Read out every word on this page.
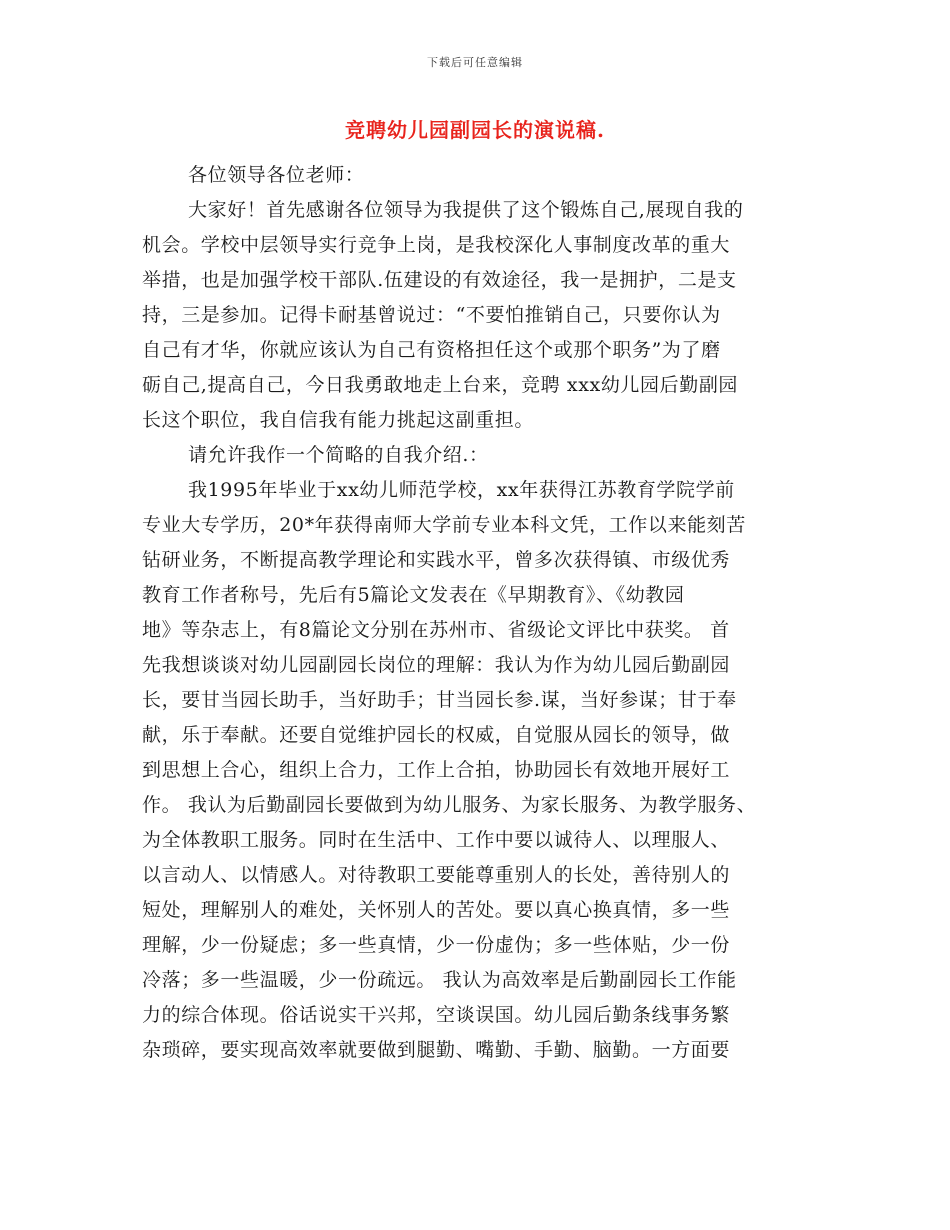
下载后可任意编辑
竞聘幼儿园副园长的演说稿.
各位领导各位老师：
大家好！首先感谢各位领导为我提供了这个锻炼自己,展现自我的
机会。学校中层领导实行竞争上岗，是我校深化人事制度改革的重大
举措，也是加强学校干部队.伍建设的有效途径，我一是拥护，二是支
持，三是参加。记得卡耐基曾说过：“不要怕推销自己，只要你认为
自己有才华，你就应该认为自己有资格担任这个或那个职务”为了磨
砺自己,提高自己，今日我勇敢地走上台来，竞聘 xxx幼儿园后勤副园
长这个职位，我自信我有能力挑起这副重担。
请允许我作一个简略的自我介绍.：
我1995年毕业于xx幼儿师范学校，xx年获得江苏教育学院学前
专业大专学历，20*年获得南师大学前专业本科文凭，工作以来能刻苦
钻研业务，不断提高教学理论和实践水平，曾多次获得镇、市级优秀
教育工作者称号，先后有5篇论文发表在《早期教育》、《幼教园
地》等杂志上，有8篇论文分别在苏州市、省级论文评比中获奖。 首
先我想谈谈对幼儿园副园长岗位的理解：我认为作为幼儿园后勤副园
长，要甘当园长助手，当好助手；甘当园长参.谋，当好参谋；甘于奉
献，乐于奉献。还要自觉维护园长的权威，自觉服从园长的领导，做
到思想上合心，组织上合力，工作上合拍，协助园长有效地开展好工
作。 我认为后勤副园长要做到为幼儿服务、为家长服务、为教学服务、
为全体教职工服务。同时在生活中、工作中要以诚待人、以理服人、
以言动人、以情感人。对待教职工要能尊重别人的长处，善待别人的
短处，理解别人的难处，关怀别人的苦处。要以真心换真情，多一些
理解，少一份疑虑；多一些真情，少一份虚伪；多一些体贴，少一份
冷落；多一些温暖，少一份疏远。 我认为高效率是后勤副园长工作能
力的综合体现。俗话说实干兴邦，空谈误国。幼儿园后勤条线事务繁
杂琐碎，要实现高效率就要做到腿勤、嘴勤、手勤、脑勤。一方面要
